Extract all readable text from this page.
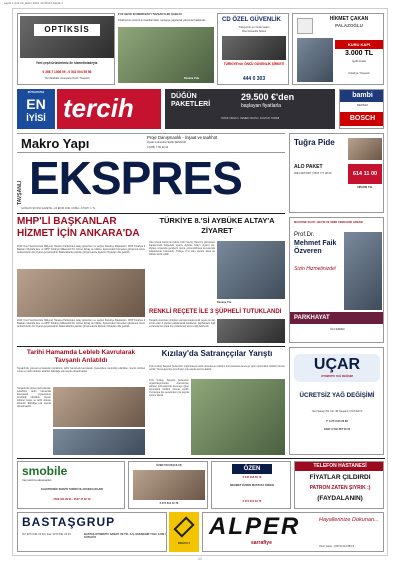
sayfa 1.qxd 22_Ekim 2021 14:35:03 Sayfa 1
OPTİKSİS
Yeni çeşit ürünlerimiz ile hizmetinizdeyiz.
0 266 7 1008 09 - 0 541 004 55 56
Yeni Mahalle Uzunçarşı No:8 / Tavşanlı
FÜZ GEVE İN MERKEZİYİ TAVŞAN ILIKI ŞABLOI
Kütahya'nın önemli iş insanlarından, sanayiye yapılacak yatırımlar hakkında...
Devamı 3'de
CD ÖZEL GÜVENLİK
Türkiye'nin en Önde Gelen
Özel Güvenlik Şirketi
TÜRKİYE'nin ÖNCÜ GÜVENLİK ŞİRKETİ
444 0 303
HİKMET ÇAKAN
PALAZOĞLU
KURU KAPI
3.000 TL
İşçilik kiralık
Kütahya / Tavşanlı
KÜTAHYA'DA
EN
İYİSİ tercih	DÜĞÜN PAKETLERİ
29.500 €'den
başlayan fiyatlarla
YATAK ODASI • YEMEK ODASI • KOLTUK TAKIMI
bambi
MERKEZ
BOSCH
Makro Yapı	Proje Danışmanlık - İnşaat ve taahhüt
İnşaat mühendisi Sadık ŞENGÜR
0 (266) 7 60 22 64
TAVŞANLI EKSPRES
GÜNLÜK SİYASİ GAZETE • 22 EKİM 2021 CUMA • FİYATI: 1 TL
Tuğra Pide
ALO PAKET
0544 648 0067 | 0537 777 28 60	614 11 00
SİPARİŞ TEL
MHP'Lİ BAŞKANLAR HİZMET İÇİN ANKARA'DA
2019 Yerel Seçimlerinde Milliyetçi Hareket Partisinden aday gösterilen ve seçilen Belediye Başkanları, MHP Kütahya İl Başkanı Mustafa Ece ve MHP Kütahya Milletvekili Dr. Ahmet Erbaş ile birlikte, ilçelerindeki hizmetleri görüşmek üzere Ankara'da bir dizi ziyaret gerçekleştirdi. Bakanlıklarda yapılan görüşmelerde ilçelerin ihtiyaçları dile getirildi.
2019 Yerel Seçimlerinde Milliyetçi Hareket Partisinden aday gösterilen ve seçilen Belediye Başkanları, MHP Kütahya İl Başkanı Mustafa Ece ve MHP Kütahya Milletvekili Dr. Ahmet Erbaş ile birlikte, ilçelerindeki hizmetleri görüşmek üzere Ankara'da bir dizi ziyaret gerçekleştirdi. Bakanlıklarda yapılan görüşmelerde ilçelerin ihtiyaçları dile getirildi.
TÜRKİYE 8.'Sİ AYBÜKE ALTAY'A ZİYARET
Ülke Ulusal Gezisi ile Kübra Yıldız Sevinç Hanımın görüşmesi kapsamında bölgedeki sporcu Aybüke Altay'ı ziyaret etti. Ziyaret sırasında gençlerin spora yönlendirilmesi konusunda istişarelerde bulunuldu. Türkiye 8.'si olan sporcu ailesi ile birlikte tebrik edildi.
Devamı 3'te
RENKLİ REÇETE İLE 3 ŞÜPHELİ TUTUKLANDI
Tavşanlı ilçesinde yürütülen soruşturmada renkli reçete ile ilaç temin eden 3 şüpheli yakalanarak tutuklandı. Şüphelilerin ilgili eczanelerden yasa dışı yollarla ilaç temin ettiği belirlendi.
MUAYENE SAATİ • BEYİN VE SİNİR CERRAHİSİ UZMANI
Prof.Dr.
Mehmet Faik Özveren
Sizin Hizmetinizde!
PARKHAYAT
Özel ERDEK
Tarihi Hamamda Lebleb Kavrularak Tavşanlı Anlatıldı
Tavşanlı'da yöresel lezzetlerden leblebinin tarihi hamamda kavrularak ziyaretçilere tanıtıldığı etkinlikte, ilçenin kültürel mirası ve tarihi dokusu anlatıldı. Etkinliğe çok sayıda davetli katıldı.
Tavşanlı'da yöresel lezzetlerden leblebinin tarihi hamamda kavrularak ziyaretçilere tanıtıldığı etkinlikte, ilçenin kültürel mirası ve tarihi dokusu anlatıldı. Etkinliğe çok sayıda davetli katıldı.
Kızılay'da Satranççılar Yarıştı
Türk Kızılay Tavşanlı Şubesi'nin organizasyonunda düzenlenen satranç turnuvasında dereceye giren sporculara ödülleri törenle verildi. Turnuvaya ilçe genelinden çok sayıda sporcu katıldı.
Türk Kızılay Tavşanlı Şubesi'nin organizasyonunda düzenlenen satranç turnuvasında dereceye giren sporculara ödülleri törenle verildi. Turnuvaya ilçe genelinden çok sayıda sporcu katıldı.
UÇAR
OTOMOTİV YAĞ DEĞİŞİM
ÜCRETSİZ YAĞ DEĞİŞİMİ
Yeni Sanayi Sit. No: 46 Tavşanlı / KÜTAHYA
T: 0 274 615 26 88
GSM: 0 532 387 56 15
smobile
Cep telefonu aksesuarları
ELEKTRONİK SERVİS TAMİRİ VE AKSESUARLARI
0539 424 99 91 - 0537 47 63 19
ÖZEN TAVUKÇULUK
0 274 614 10 76
ÖZEN
0 545 918 56 79
MEHMET ÖZDEN MUSTAFA ÖZDEN
0 274 614 10 76
TELEFON HASTANESİ
FİYATLAR ÇILDIRDI
PATRON ZATEN ŞIYRIK :)
(FAYDALANIN)
BASTAŞGRUP
Tel: 0274 631 23 32 | Fax: 0274 631 23 33	BASTAŞ OTOMOTİV SANAYİ VE TİC. A.Ş. ESKİŞEHİR YOLU 3.KM / KÜTAHYA
RENAULT
ALPER	Hayallerinize Dokunan...
sarrafiye
Uzun Çarşı - (0274) 614 88 15
42
